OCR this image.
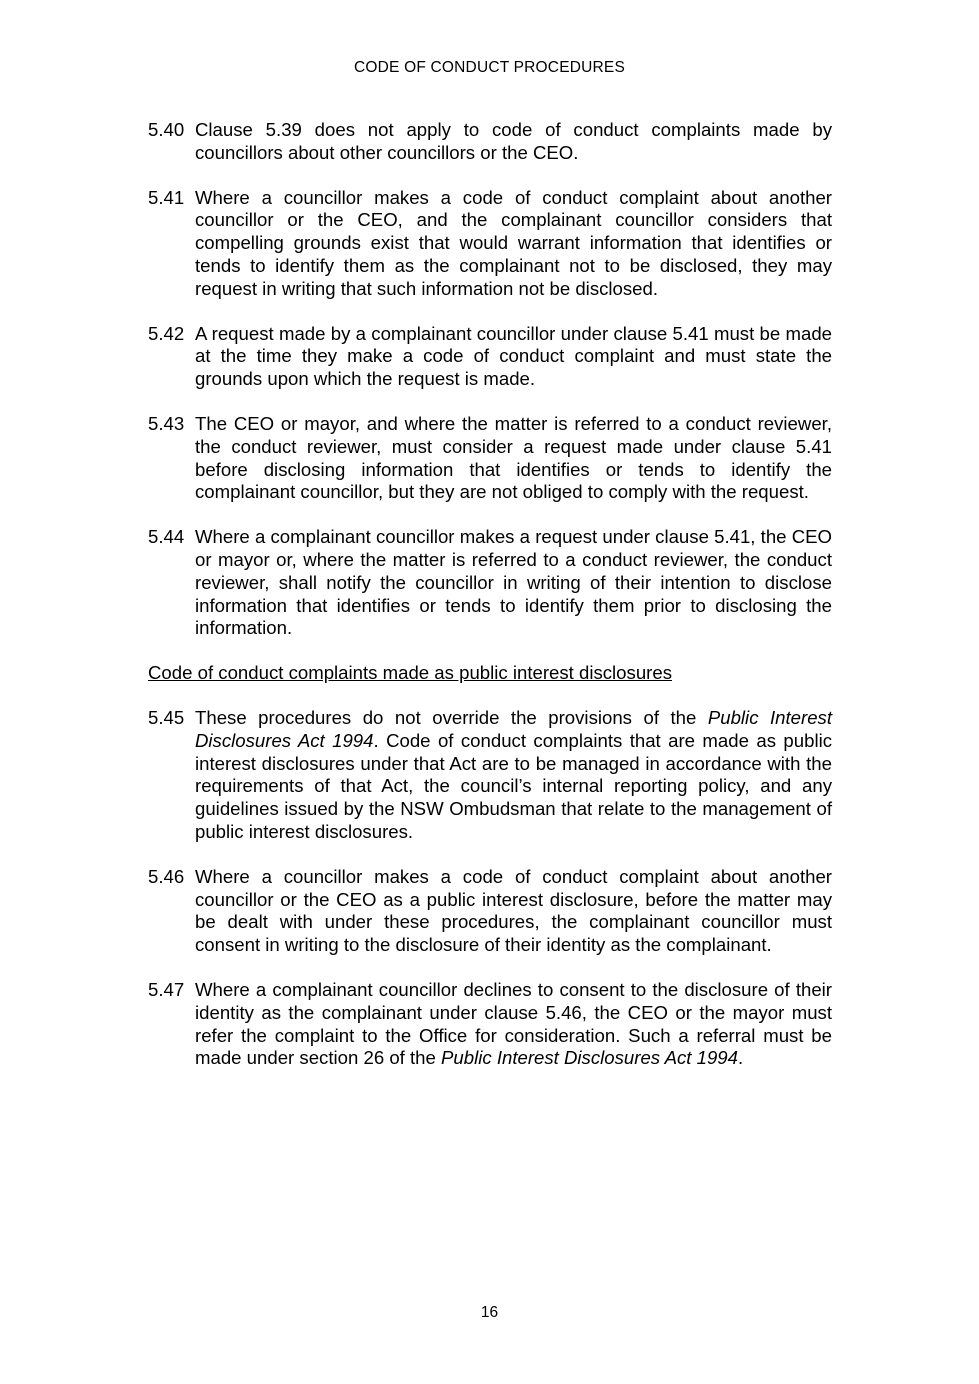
CODE OF CONDUCT PROCEDURES
5.40 Clause 5.39 does not apply to code of conduct complaints made by councillors about other councillors or the CEO.
5.41 Where a councillor makes a code of conduct complaint about another councillor or the CEO, and the complainant councillor considers that compelling grounds exist that would warrant information that identifies or tends to identify them as the complainant not to be disclosed, they may request in writing that such information not be disclosed.
5.42 A request made by a complainant councillor under clause 5.41 must be made at the time they make a code of conduct complaint and must state the grounds upon which the request is made.
5.43 The CEO or mayor, and where the matter is referred to a conduct reviewer, the conduct reviewer, must consider a request made under clause 5.41 before disclosing information that identifies or tends to identify the complainant councillor, but they are not obliged to comply with the request.
5.44 Where a complainant councillor makes a request under clause 5.41, the CEO or mayor or, where the matter is referred to a conduct reviewer, the conduct reviewer, shall notify the councillor in writing of their intention to disclose information that identifies or tends to identify them prior to disclosing the information.
Code of conduct complaints made as public interest disclosures
5.45 These procedures do not override the provisions of the Public Interest Disclosures Act 1994. Code of conduct complaints that are made as public interest disclosures under that Act are to be managed in accordance with the requirements of that Act, the council’s internal reporting policy, and any guidelines issued by the NSW Ombudsman that relate to the management of public interest disclosures.
5.46 Where a councillor makes a code of conduct complaint about another councillor or the CEO as a public interest disclosure, before the matter may be dealt with under these procedures, the complainant councillor must consent in writing to the disclosure of their identity as the complainant.
5.47 Where a complainant councillor declines to consent to the disclosure of their identity as the complainant under clause 5.46, the CEO or the mayor must refer the complaint to the Office for consideration. Such a referral must be made under section 26 of the Public Interest Disclosures Act 1994.
16
